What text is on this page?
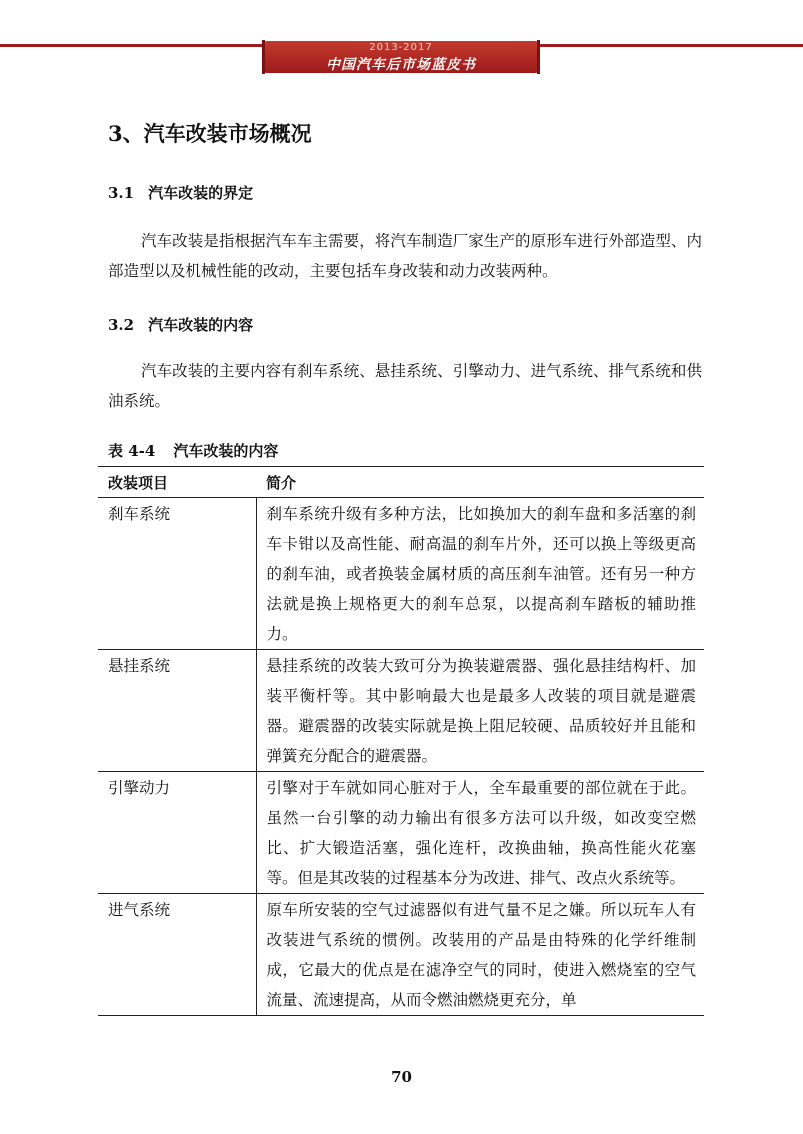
2013-2017
中国汽车后市场蓝皮书
3、汽车改装市场概况
3.1 汽车改装的界定
汽车改装是指根据汽车车主需要，将汽车制造厂家生产的原形车进行外部造型、内部造型以及机械性能的改动，主要包括车身改装和动力改装两种。
3.2 汽车改装的内容
汽车改装的主要内容有刹车系统、悬挂系统、引擎动力、进气系统、排气系统和供油系统。
表 4-4 汽车改装的内容
改装项目	简介
刹车系统	刹车系统升级有多种方法，比如换加大的刹车盘和多活塞的刹车卡钳以及高性能、耐高温的刹车片外，还可以换上等级更高的刹车油，或者换装金属材质的高压刹车油管。还有另一种方法就是换上规格更大的刹车总泵，以提高刹车踏板的辅助推力。
悬挂系统	悬挂系统的改装大致可分为换装避震器、强化悬挂结构杆、加装平衡杆等。其中影响最大也是最多人改装的项目就是避震器。避震器的改装实际就是换上阻尼较硬、品质较好并且能和弹簧充分配合的避震器。
引擎动力	引擎对于车就如同心脏对于人，全车最重要的部位就在于此。虽然一台引擎的动力输出有很多方法可以升级，如改变空燃比、扩大锻造活塞，强化连杆，改换曲轴，换高性能火花塞等。但是其改装的过程基本分为改进、排气、改点火系统等。
进气系统	原车所安装的空气过滤器似有进气量不足之嫌。所以玩车人有改装进气系统的惯例。改装用的产品是由特殊的化学纤维制成，它最大的优点是在滤净空气的同时，使进入燃烧室的空气流量、流速提高，从而令燃油燃烧更充分，单
70
